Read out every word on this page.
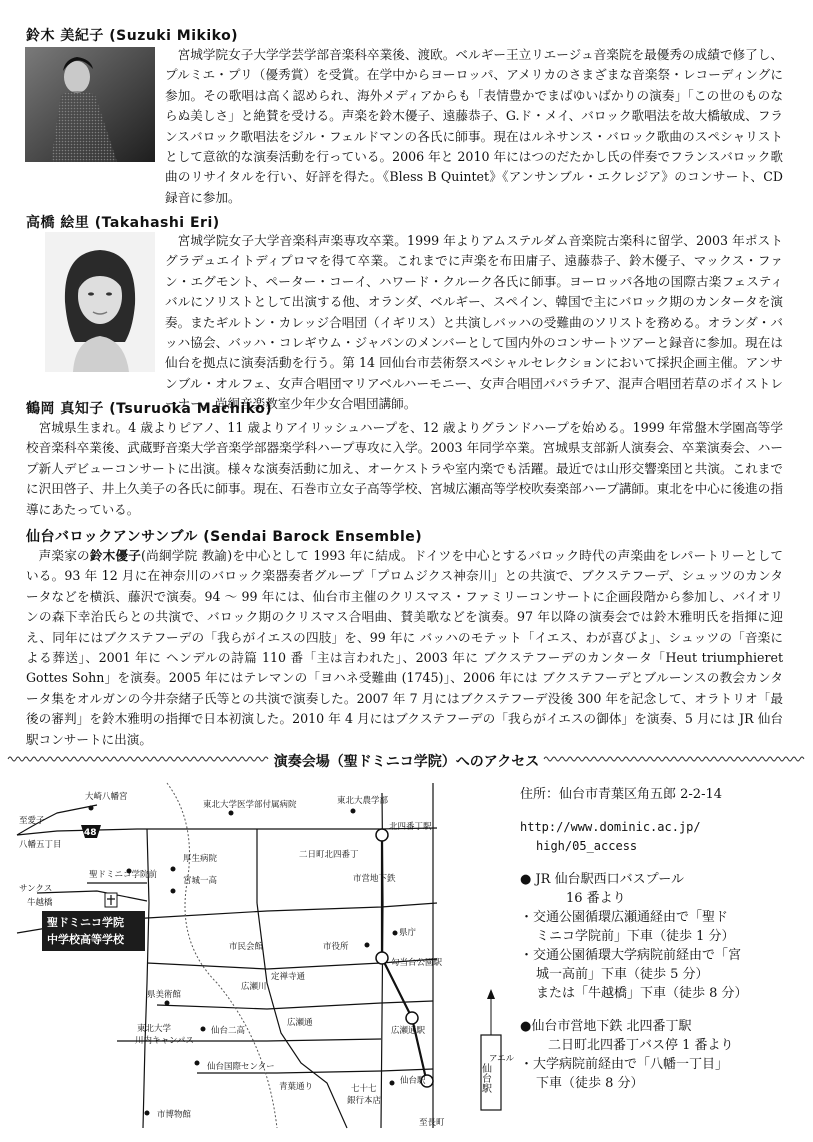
鈴木 美紀子 (Suzuki Mikiko)

宮城学院女子大学学芸学部音楽科卒業後、渡欧。ベルギー王立リエージュ音楽院を最優秀の成績で修了し、プルミエ・プリ（優秀賞）を受賞。在学中からヨーロッパ、アメリカのさまざまな音楽祭・レコーディングに参加。その歌唱は高く認められ、海外メディアからも「表情豊かでまばゆいばかりの演奏」「この世のものならぬ美しさ」と絶賛を受ける。声楽を鈴木優子、遠藤恭子、G.ド・メイ、バロック歌唱法を故大橋敏成、フランスバロック歌唱法をジル・フェルドマンの各氏に師事。現在はルネサンス・バロック歌曲のスペシャリストとして意欲的な演奏活動を行っている。2006 年と 2010 年にはつのだたかし氏の伴奏でフランスバロック歌曲のリサイタルを行い、好評を得た。《Bless B Quintet》《アンサンブル・エクレジア》のコンサート、CD 録音に参加。

高橋 絵里 (Takahashi Eri)

宮城学院女子大学音楽科声楽専攻卒業。1999 年よりアムステルダム音楽院古楽科に留学、2003 年ポストグラデュエイトディプロマを得て卒業。これまでに声楽を布田庸子、遠藤恭子、鈴木優子、マックス・ファン・エグモント、ペーター・コーイ、ハワード・クルーク各氏に師事。ヨーロッパ各地の国際古楽フェスティバルにソリストとして出演する他、オランダ、ベルギー、スペイン、韓国で主にバロック期のカンタータを演奏。またギルトン・カレッジ合唱団（イギリス）と共演しバッハの受難曲のソリストを務める。オランダ・バッハ協会、バッハ・コレギウム・ジャパンのメンバーとして国内外のコンサートツアーと録音に参加。現在は仙台を拠点に演奏活動を行う。第 14 回仙台市芸術祭スペシャルセレクションにおいて採択企画主催。アンサンブル・オルフェ、女声合唱団マリアベルハーモニー、女声合唱団パパラチア、混声合唱団若草のボイストレーナー。尚絅音楽教室少年少女合唱団講師。

鶴岡 真知子 (Tsuruoka Machiko)

宮城県生まれ。4 歳よりピアノ、11 歳よりアイリッシュハープを、12 歳よりグランドハープを始める。1999 年常盤木学園高等学校音楽科卒業後、武蔵野音楽大学音楽学部器楽学科ハープ専攻に入学。2003 年同学卒業。宮城県支部新人演奏会、卒業演奏会、ハープ新人デビューコンサートに出演。様々な演奏活動に加え、オーケストラや室内楽でも活躍。最近では山形交響楽団と共演。これまでに沢田啓子、井上久美子の各氏に師事。現在、石巻市立女子高等学校、宮城広瀬高等学校吹奏楽部ハープ講師。東北を中心に後進の指導にあたっている。

仙台バロックアンサンブル (Sendai Barock Ensemble)

声楽家の鈴木優子(尚絅学院 教諭)を中心として 1993 年に結成。ドイツを中心とするバロック時代の声楽曲をレパートリーとしている。93 年 12 月に在神奈川のバロック楽器奏者グループ「プロムジクス神奈川」との共演で、ブクステフーデ、シュッツのカンタータなどを横浜、藤沢で演奏。94 ～ 99 年には、仙台市主催のクリスマス・ファミリーコンサートに企画段階から参加し、バイオリンの森下幸治氏らとの共演で、バロック期のクリスマス合唱曲、賛美歌などを演奏。97 年以降の演奏会では鈴木雅明氏を指揮に迎え、同年にはブクステフーデの「我らがイエスの四肢」を、99 年に バッハのモテット「イエス、わが喜びよ」、シュッツの「音楽による葬送」、2001 年に ヘンデルの詩篇 110 番「主は言われた」、2003 年に ブクステフーデのカンタータ「Heut triumphieret Gottes Sohn」を演奏。2005 年にはテレマンの「ヨハネ受難曲 (1745)」、2006 年には ブクステフーデとブルーンスの教会カンタータ集をオルガンの今井奈緒子氏等との共演で演奏した。2007 年 7 月にはブクステフーデ没後 300 年を記念して、オラトリオ「最後の審判」を鈴木雅明の指揮で日本初演した。2010 年 4 月にはブクステフーデの「我らがイエスの御体」を演奏、5 月には JR 仙台駅コンサートに出演。

演奏会場（聖ドミニコ学院）へのアクセス
住所：仙台市青葉区角五郎 2-2-14
http://www.dominic.ac.jp/
high/05_access
● JR 仙台駅西口バスプール
16 番より
・交通公園循環広瀬通経由で「聖ド
ミニコ学院前」下車（徒歩 1 分）
・交通公園循環大学病院前経由で「宮
城一高前」下車（徒歩 5 分）
または「牛越橋」下車（徒歩 8 分）
●仙台市営地下鉄 北四番丁駅
二日町北四番丁バス停 1 番より
・大学病院前経由で「八幡一丁目」
下車（徒歩 8 分）
48
聖ドミニコ学院
中学校高等学校
仙台駅
大崎八幡宮
至愛子
八幡五丁目
東北大学医学部付属病院	東北大農学部
厚生病院
北四番丁駅
二日町北四番丁
聖ドミニコ学院前
宮城一高
サンクス
牛越橋
市営地下鉄
市民会館
広瀬川
定禅寺通
県庁
市役所
勾当台公園駅
県美術館
仙台二高
広瀬通
広瀬通駅
東北大学
川内キャンパス
仙台国際センター
青葉通り	七十七
銀行本店
仙台駅
アエル
市博物館
至長町
